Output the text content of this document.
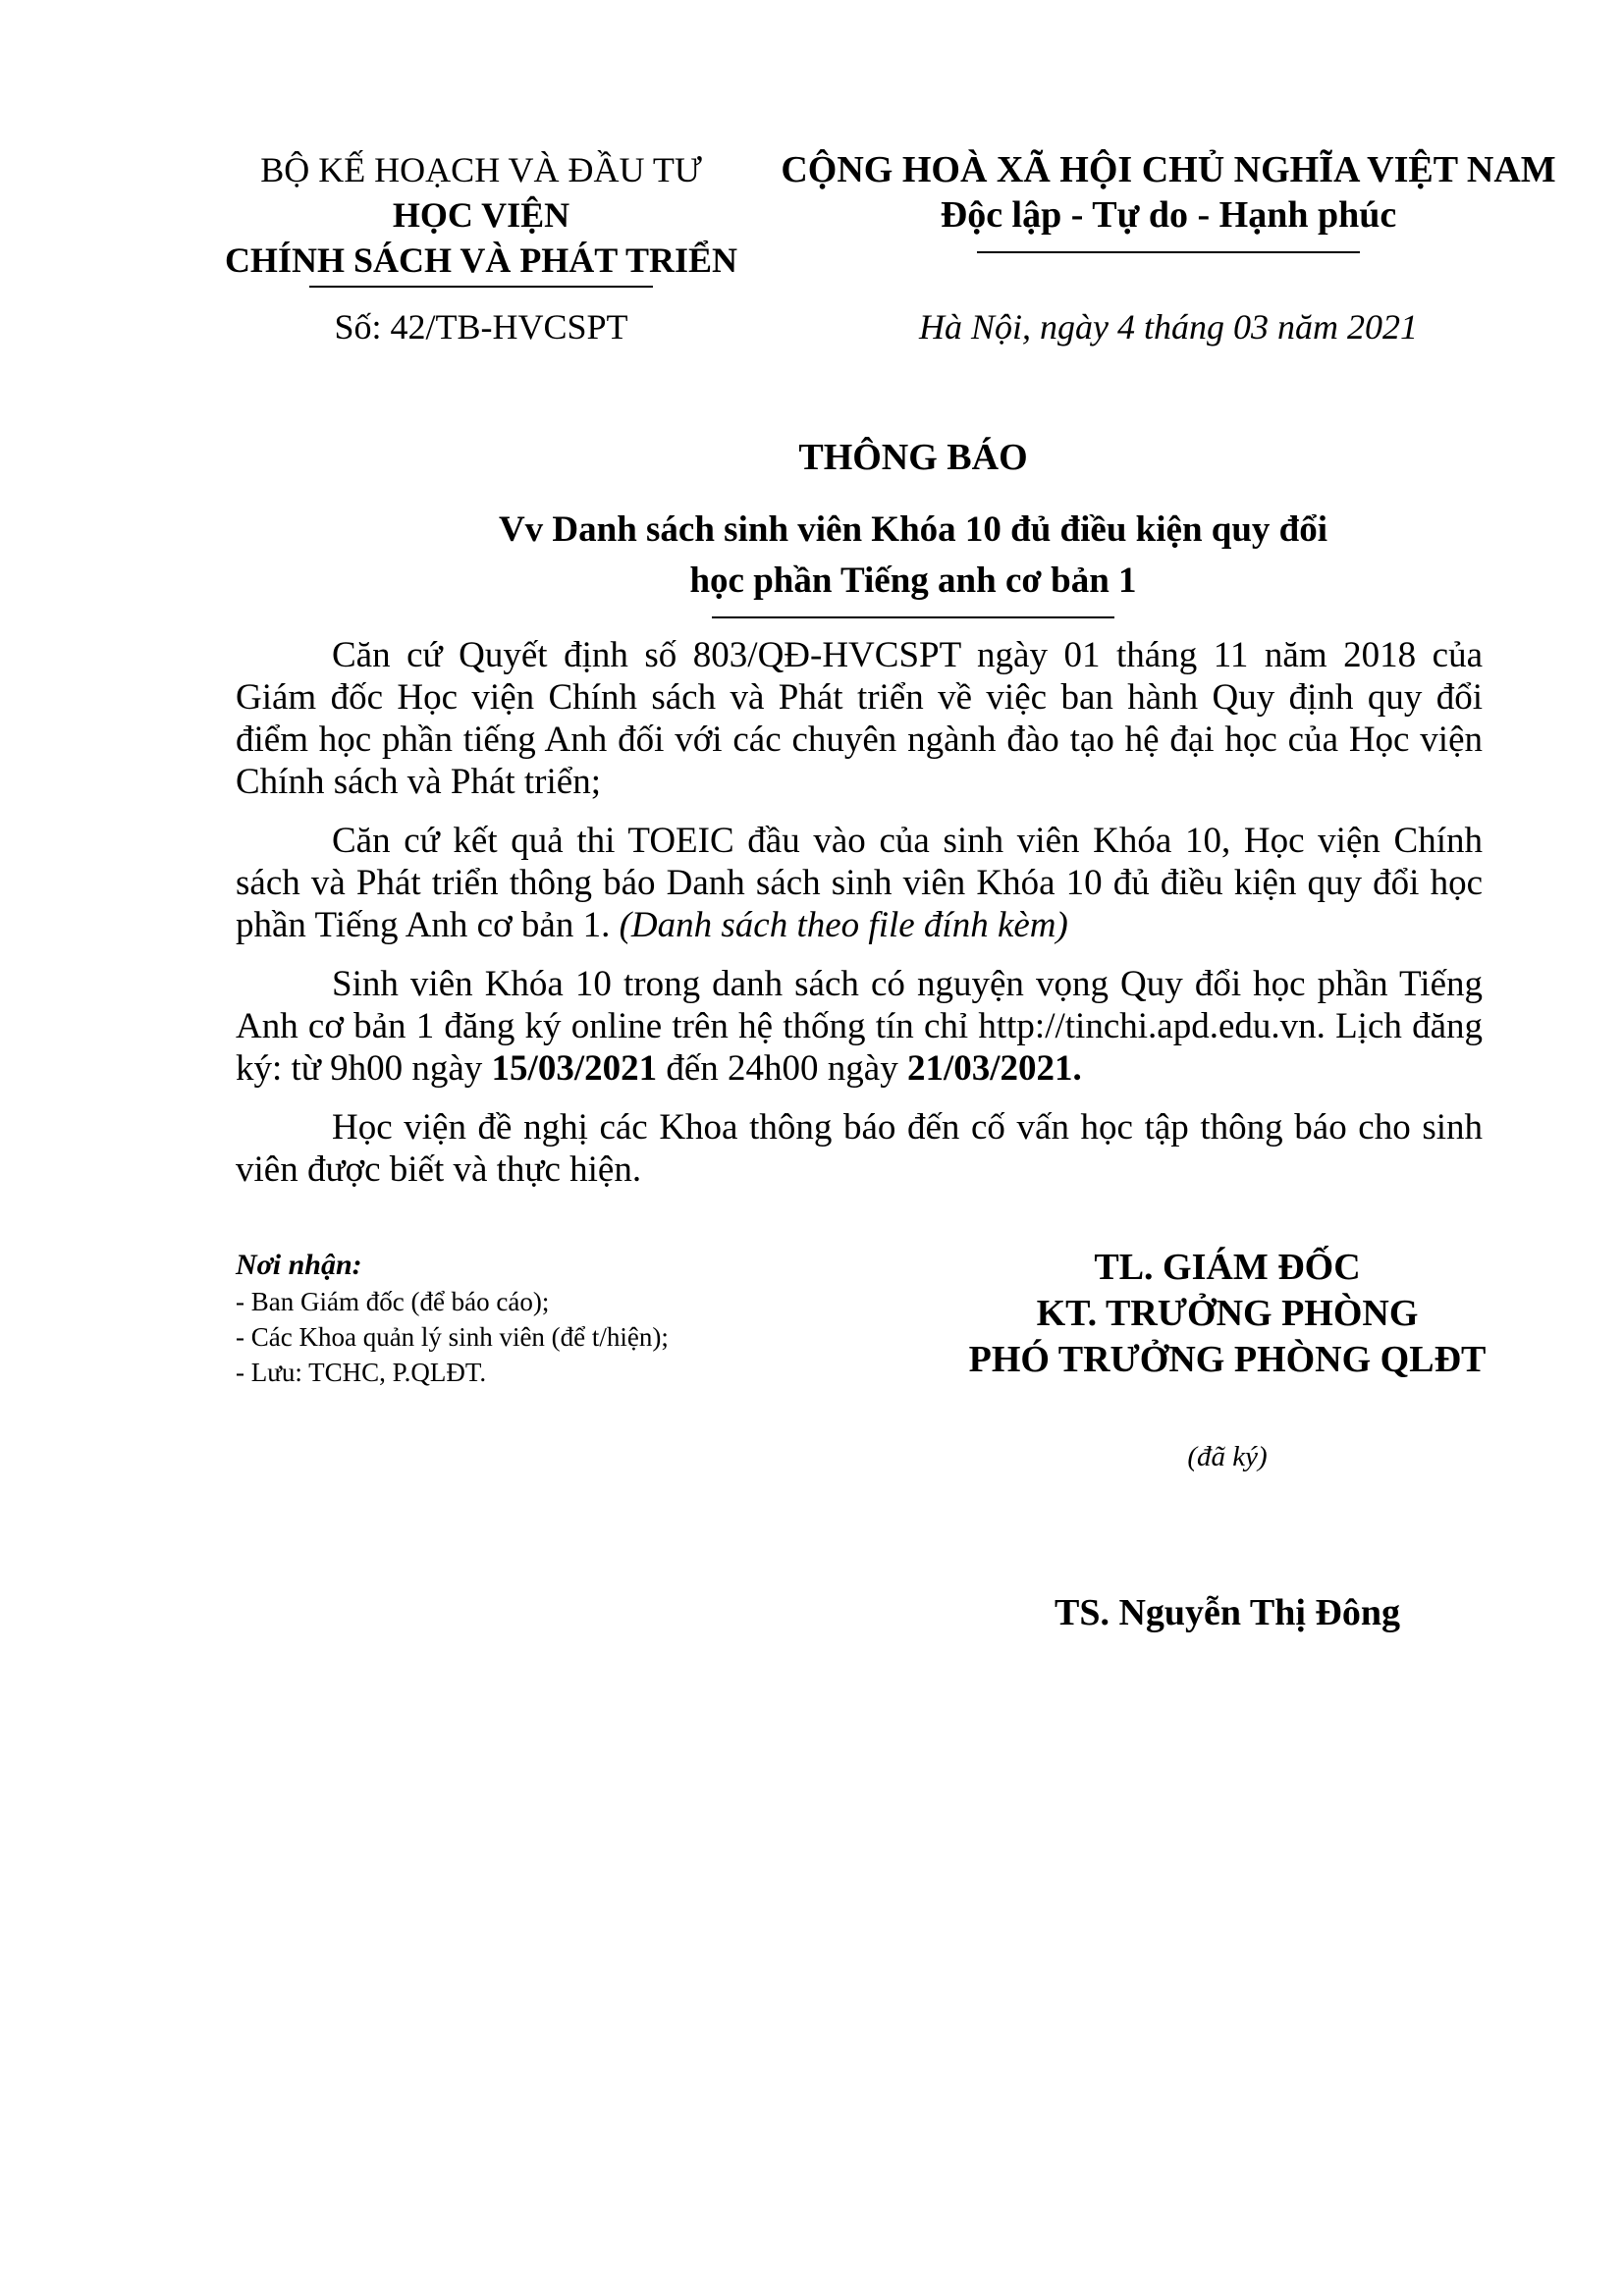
BỘ KẾ HOẠCH VÀ ĐẦU TƯ
HỌC VIỆN
CHÍNH SÁCH VÀ PHÁT TRIỂN
CỘNG HOÀ XÃ HỘI CHỦ NGHĨA VIỆT NAM
Độc lập - Tự do - Hạnh phúc
Số: 42/TB-HVCSPT	Hà Nội, ngày 4 tháng 03 năm 2021
THÔNG BÁO
Vv Danh sách sinh viên Khóa 10 đủ điều kiện quy đổi
học phần Tiếng anh cơ bản 1

Căn cứ Quyết định số 803/QĐ-HVCSPT ngày 01 tháng 11 năm 2018 của Giám đốc Học viện Chính sách và Phát triển về việc ban hành Quy định quy đổi điểm học phần tiếng Anh đối với các chuyên ngành đào tạo hệ đại học của Học viện Chính sách và Phát triển;

Căn cứ kết quả thi TOEIC đầu vào của sinh viên Khóa 10, Học viện Chính sách và Phát triển thông báo Danh sách sinh viên Khóa 10 đủ điều kiện quy đổi học phần Tiếng Anh cơ bản 1. (Danh sách theo file đính kèm)

Sinh viên Khóa 10 trong danh sách có nguyện vọng Quy đổi học phần Tiếng Anh cơ bản 1 đăng ký online trên hệ thống tín chỉ http://tinchi.apd.edu.vn. Lịch đăng ký: từ 9h00 ngày 15/03/2021 đến 24h00 ngày 21/03/2021.

Học viện đề nghị các Khoa thông báo đến cố vấn học tập thông báo cho sinh viên được biết và thực hiện.

Nơi nhận:
- Ban Giám đốc (để báo cáo);
- Các Khoa quản lý sinh viên (để t/hiện);
- Lưu: TCHC, P.QLĐT.
TL. GIÁM ĐỐC
KT. TRƯỞNG PHÒNG
PHÓ TRƯỞNG PHÒNG QLĐT
(đã ký)
TS. Nguyễn Thị Đông
